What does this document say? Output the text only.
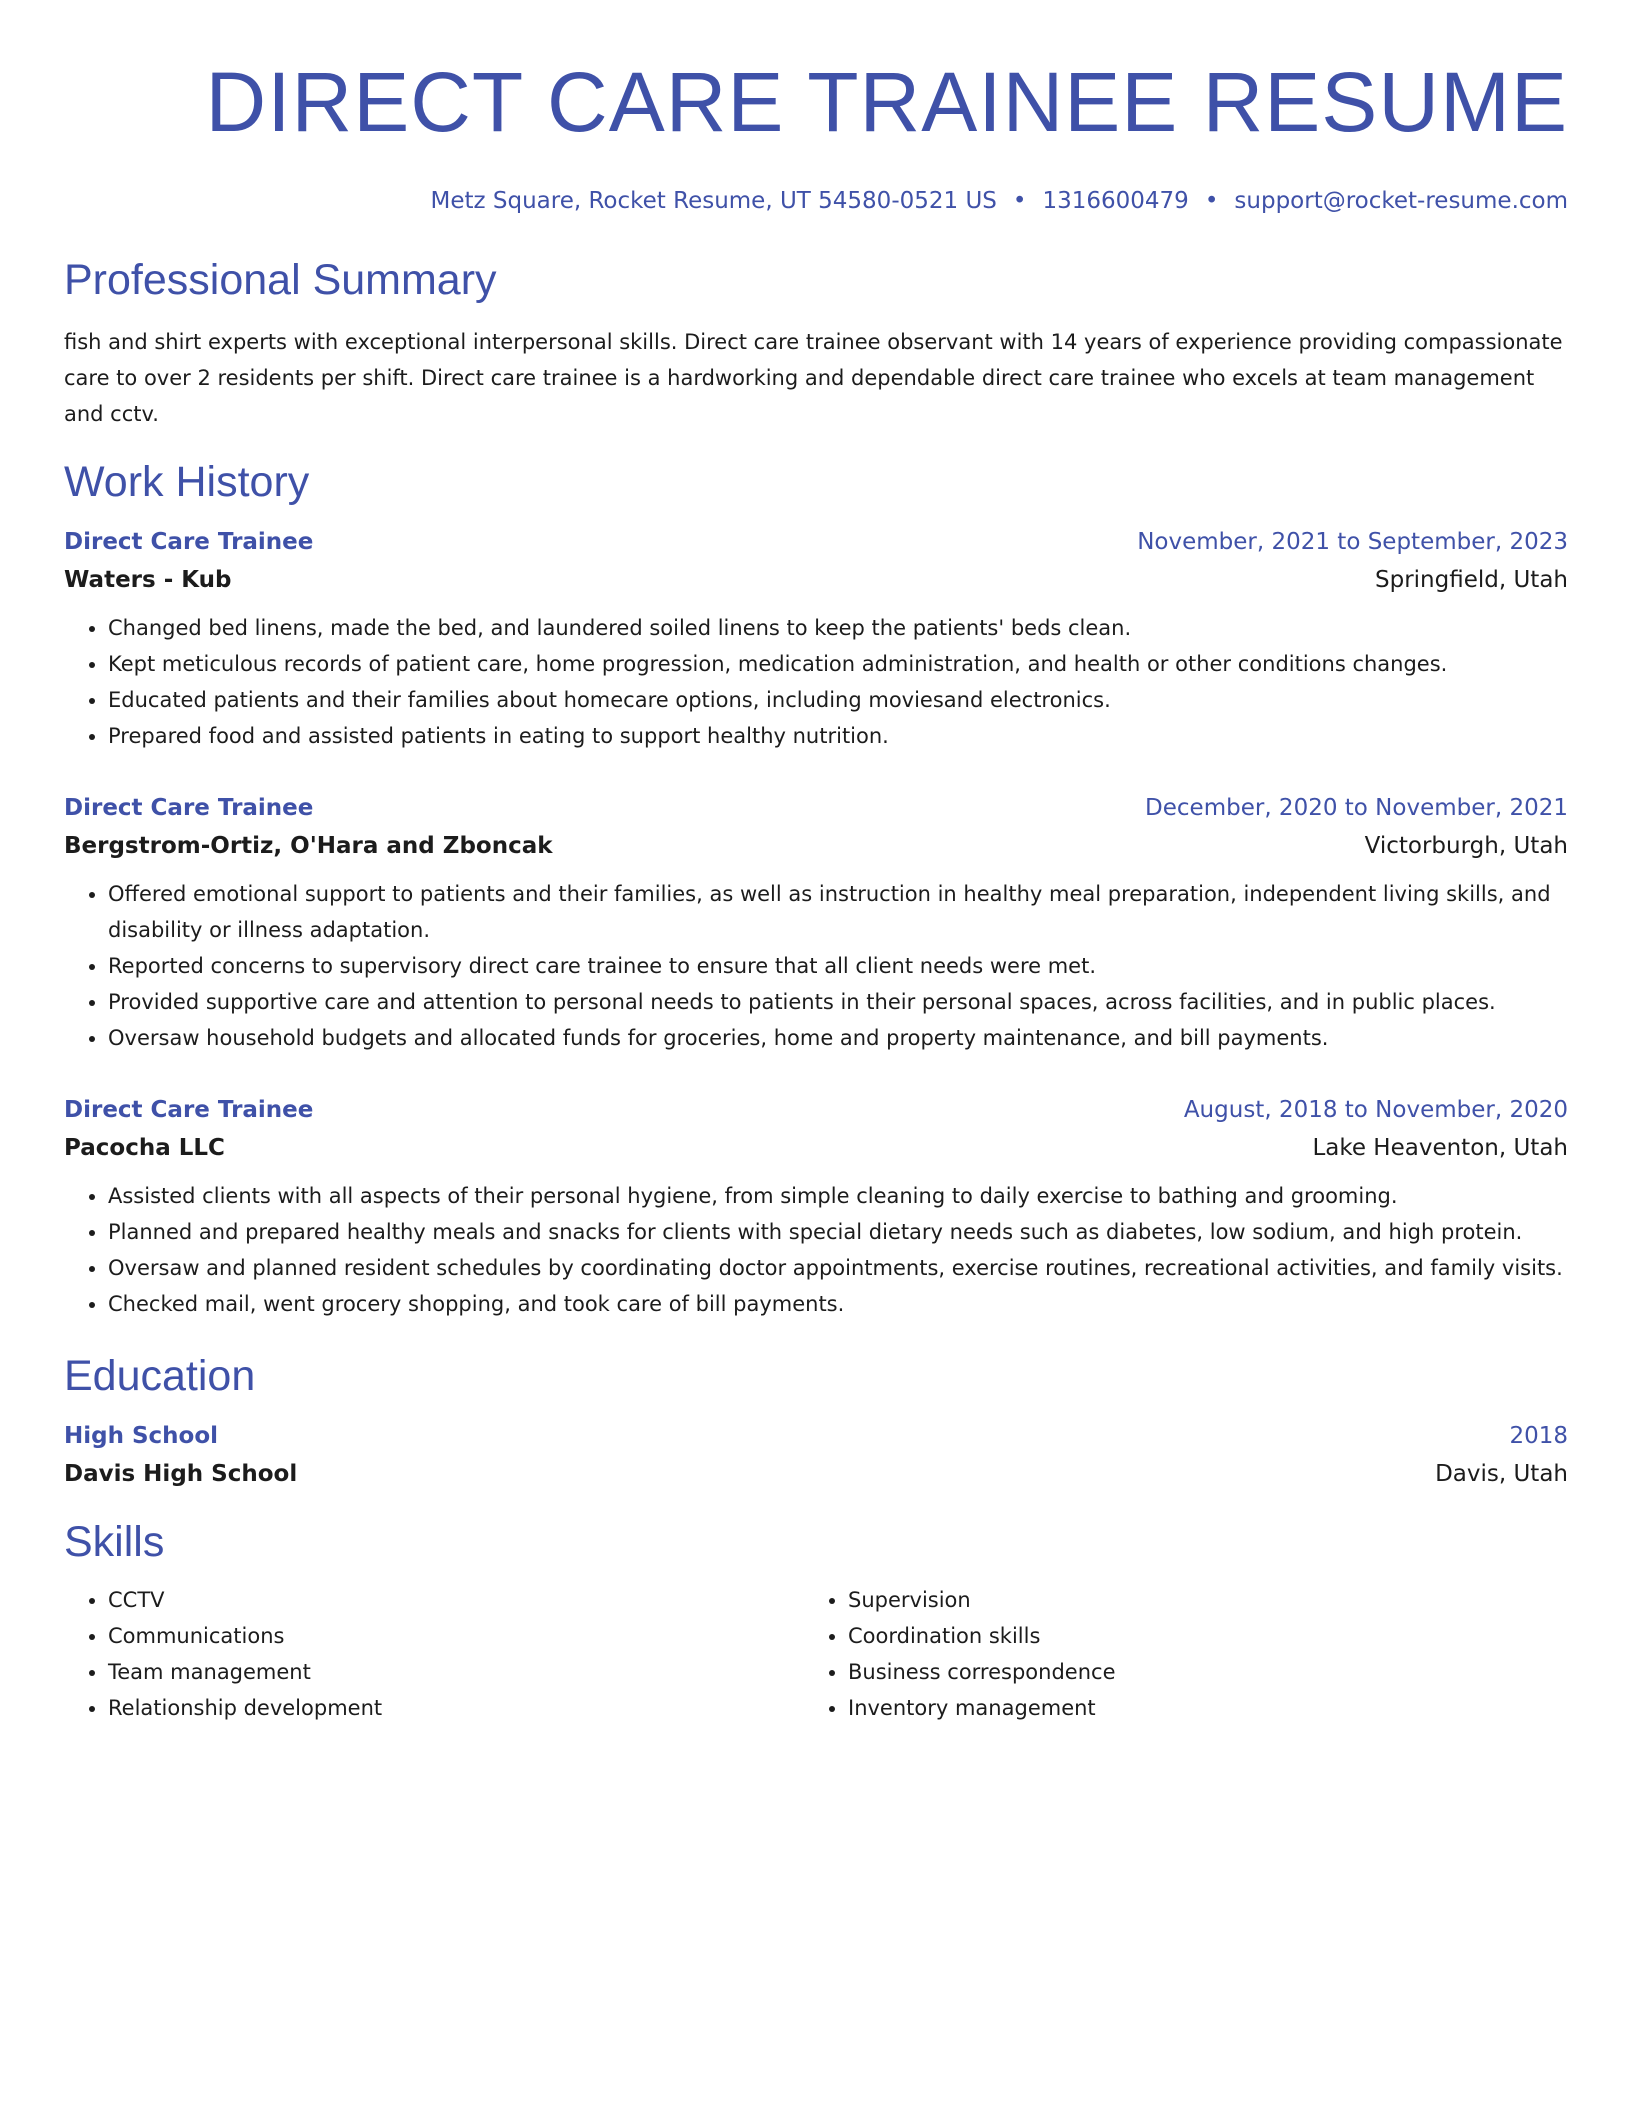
DIRECT CARE TRAINEE RESUME
Metz Square, Rocket Resume, UT 54580-0521 US • 1316600479 • support@rocket-resume.com
Professional Summary
fish and shirt experts with exceptional interpersonal skills. Direct care trainee observant with 14 years of experience providing compassionate care to over 2 residents per shift. Direct care trainee is a hardworking and dependable direct care trainee who excels at team management and cctv.
Work History
Direct Care Trainee	November, 2021 to September, 2023
Waters - Kub	Springfield, Utah
• Changed bed linens, made the bed, and laundered soiled linens to keep the patients' beds clean.
• Kept meticulous records of patient care, home progression, medication administration, and health or other conditions changes.
• Educated patients and their families about homecare options, including moviesand electronics.
• Prepared food and assisted patients in eating to support healthy nutrition.
Direct Care Trainee	December, 2020 to November, 2021
Bergstrom-Ortiz, O'Hara and Zboncak	Victorburgh, Utah
• Offered emotional support to patients and their families, as well as instruction in healthy meal preparation, independent living skills, and disability or illness adaptation.
• Reported concerns to supervisory direct care trainee to ensure that all client needs were met.
• Provided supportive care and attention to personal needs to patients in their personal spaces, across facilities, and in public places.
• Oversaw household budgets and allocated funds for groceries, home and property maintenance, and bill payments.
Direct Care Trainee	August, 2018 to November, 2020
Pacocha LLC	Lake Heaventon, Utah
• Assisted clients with all aspects of their personal hygiene, from simple cleaning to daily exercise to bathing and grooming.
• Planned and prepared healthy meals and snacks for clients with special dietary needs such as diabetes, low sodium, and high protein.
• Oversaw and planned resident schedules by coordinating doctor appointments, exercise routines, recreational activities, and family visits.
• Checked mail, went grocery shopping, and took care of bill payments.
Education
High School	2018
Davis High School	Davis, Utah
Skills
• CCTV
• Communications
• Team management
• Relationship development
• Supervision
• Coordination skills
• Business correspondence
• Inventory management
